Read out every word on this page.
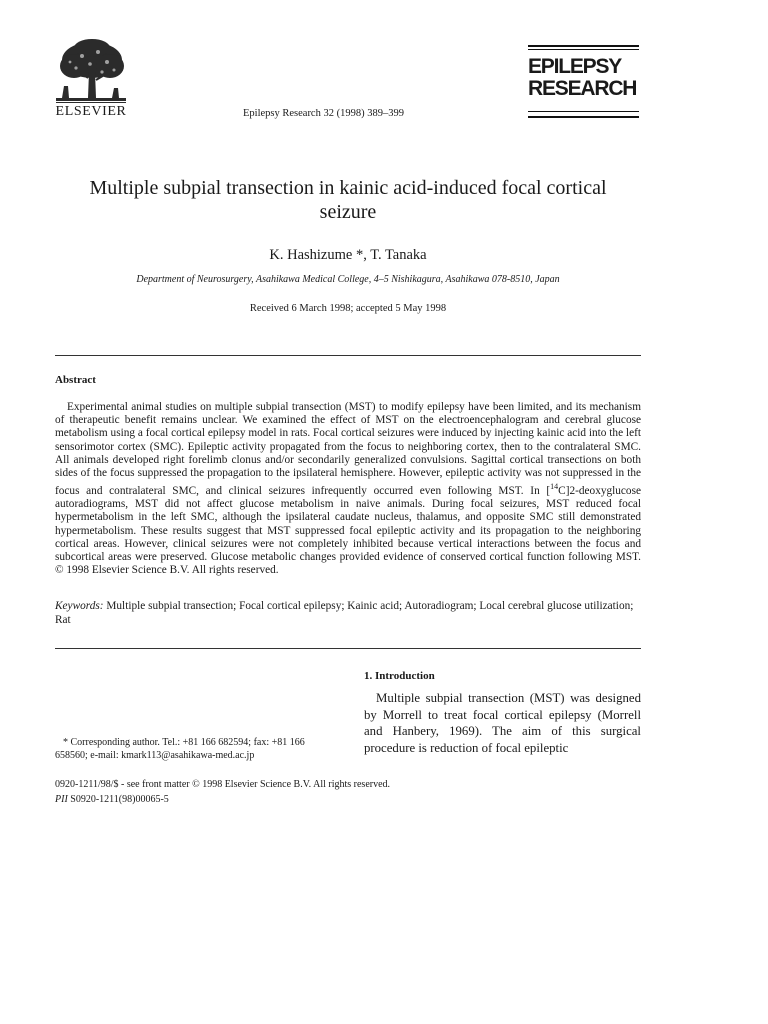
ELSEVIER	Epilepsy Research 32 (1998) 389–399
EPILEPSY
RESEARCH
Multiple subpial transection in kainic acid-induced focal cortical seizure
K. Hashizume *, T. Tanaka
Department of Neurosurgery, Asahikawa Medical College, 4–5 Nishikagura, Asahikawa 078-8510, Japan
Received 6 March 1998; accepted 5 May 1998
Abstract
Experimental animal studies on multiple subpial transection (MST) to modify epilepsy have been limited, and its mechanism of therapeutic benefit remains unclear. We examined the effect of MST on the electroencephalogram and cerebral glucose metabolism using a focal cortical epilepsy model in rats. Focal cortical seizures were induced by injecting kainic acid into the left sensorimotor cortex (SMC). Epileptic activity propagated from the focus to neighboring cortex, then to the contralateral SMC. All animals developed right forelimb clonus and/or secondarily generalized convulsions. Sagittal cortical transections on both sides of the focus suppressed the propagation to the ipsilateral hemisphere. However, epileptic activity was not suppressed in the focus and contralateral SMC, and clinical seizures infrequently occurred even following MST. In [$^{14}$C]2-deoxyglucose autoradiograms, MST did not affect glucose metabolism in naive animals. During focal seizures, MST reduced focal hypermetabolism in the left SMC, although the ipsilateral caudate nucleus, thalamus, and opposite SMC still demonstrated hypermetabolism. These results suggest that MST suppressed focal epileptic activity and its propagation to the neighboring cortical areas. However, clinical seizures were not completely inhibited because vertical interactions between the focus and subcortical areas were preserved. Glucose metabolic changes provided evidence of conserved cortical function following MST. © 1998 Elsevier Science B.V. All rights reserved.
Keywords: Multiple subpial transection; Focal cortical epilepsy; Kainic acid; Autoradiogram; Local cerebral glucose utilization; Rat
1. Introduction
Multiple subpial transection (MST) was designed by Morrell to treat focal cortical epilepsy (Morrell and Hanbery, 1969). The aim of this surgical procedure is reduction of focal epileptic
* Corresponding author. Tel.: +81 166 682594; fax: +81 166 658560; e-mail: kmark113@asahikawa-med.ac.jp
0920-1211/98/$ - see front matter © 1998 Elsevier Science B.V. All rights reserved.
PII S0920-1211(98)00065-5
